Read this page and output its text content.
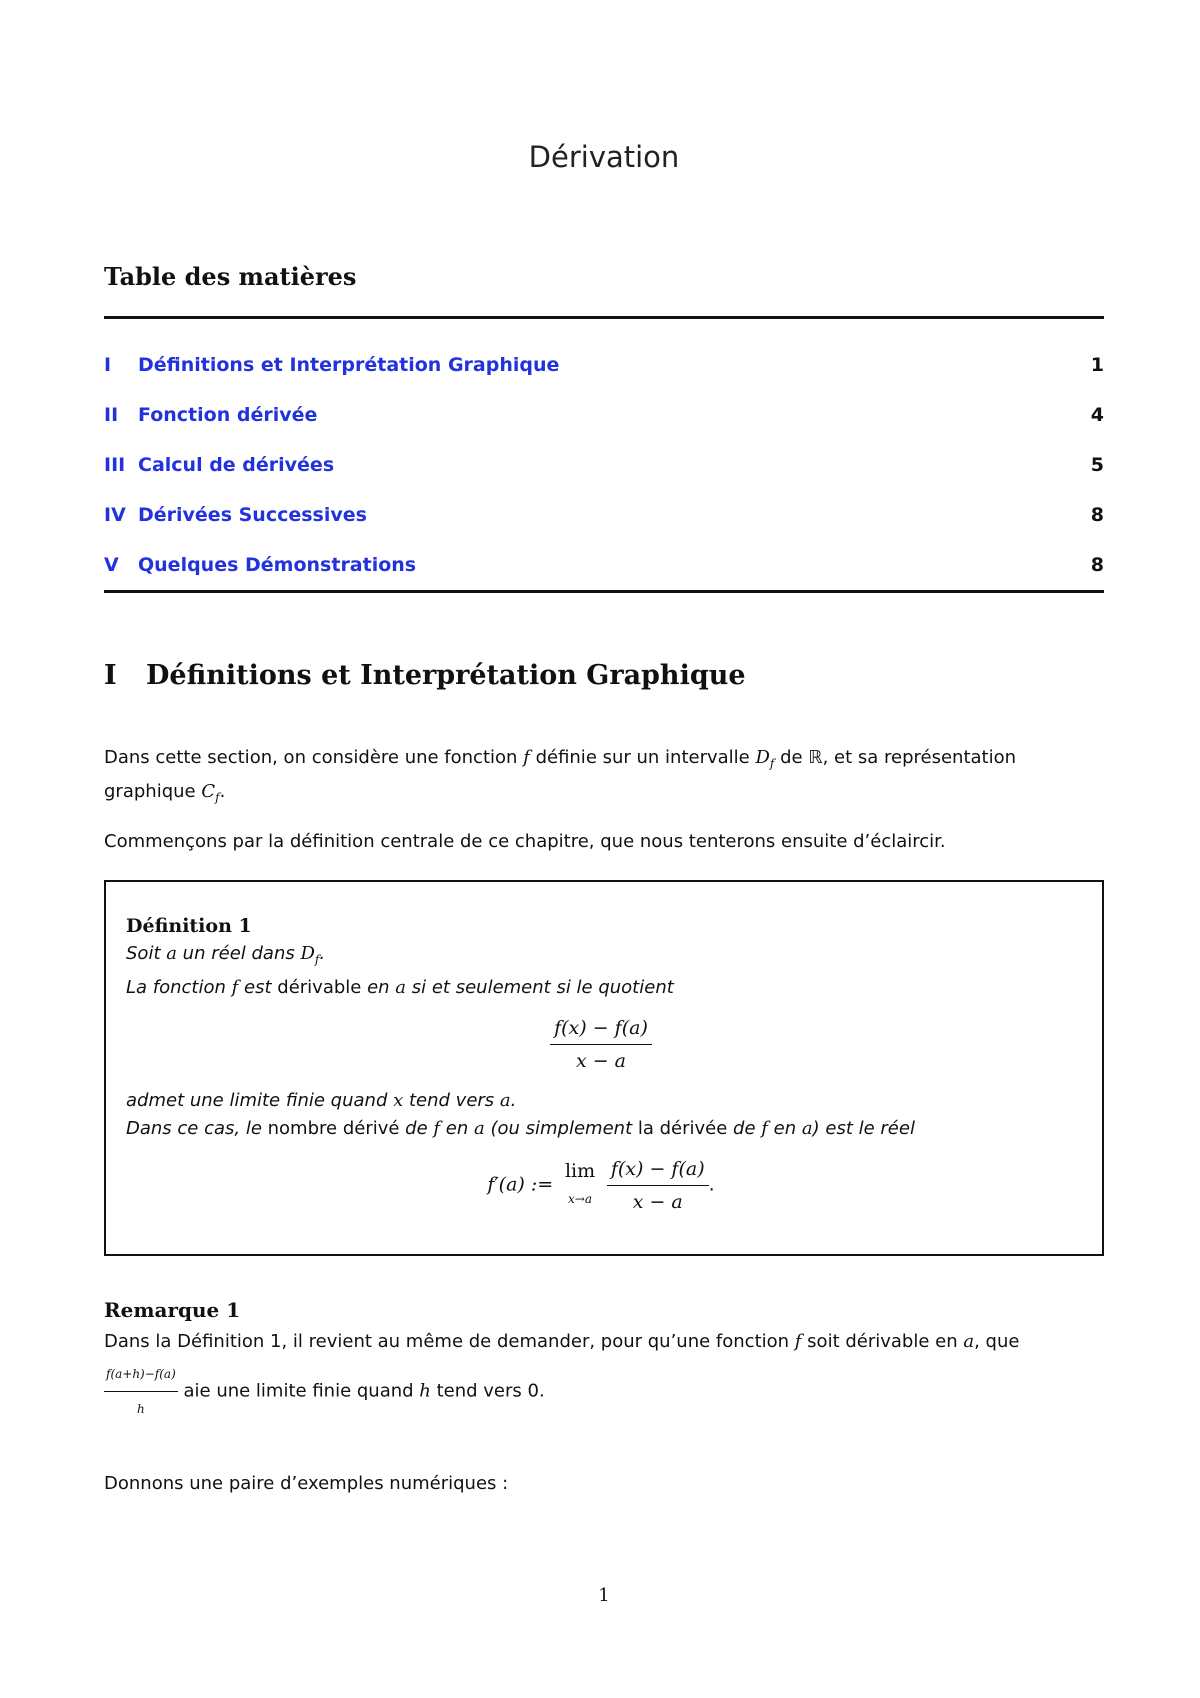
Dérivation
Table des matières
I	Définitions et Interprétation Graphique	1
II	Fonction dérivée	4
III Calcul de dérivées	5
IV Dérivées Successives	8
V	Quelques Démonstrations	8
I	Définitions et Interprétation Graphique
Dans cette section, on considère une fonction f définie sur un intervalle $D_f$ de ℝ, et sa représentation graphique $C_f$.
Commençons par la définition centrale de ce chapitre, que nous tenterons ensuite d’éclaircir.
Définition 1
Soit a un réel dans $D_f$.
La fonction f est dérivable en a si et seulement si le quotient
$\frac{f(x) - f(a)}{x - a}$
admet une limite finie quand x tend vers a.
Dans ce cas, le nombre dérivé de f en a (ou simplement la dérivée de f en a) est le réel
f′(a) :=
lim
x→a
$\frac{f(x) - f(a)}{x - a}$ .
Remarque 1
Dans la Définition 1, il revient au même de demander, pour qu’une fonction f soit dérivable en a, que

$\frac{f(a+h)-f(a)}{h}$ aie une limite finie quand h tend vers 0.
Donnons une paire d’exemples numériques :
1
